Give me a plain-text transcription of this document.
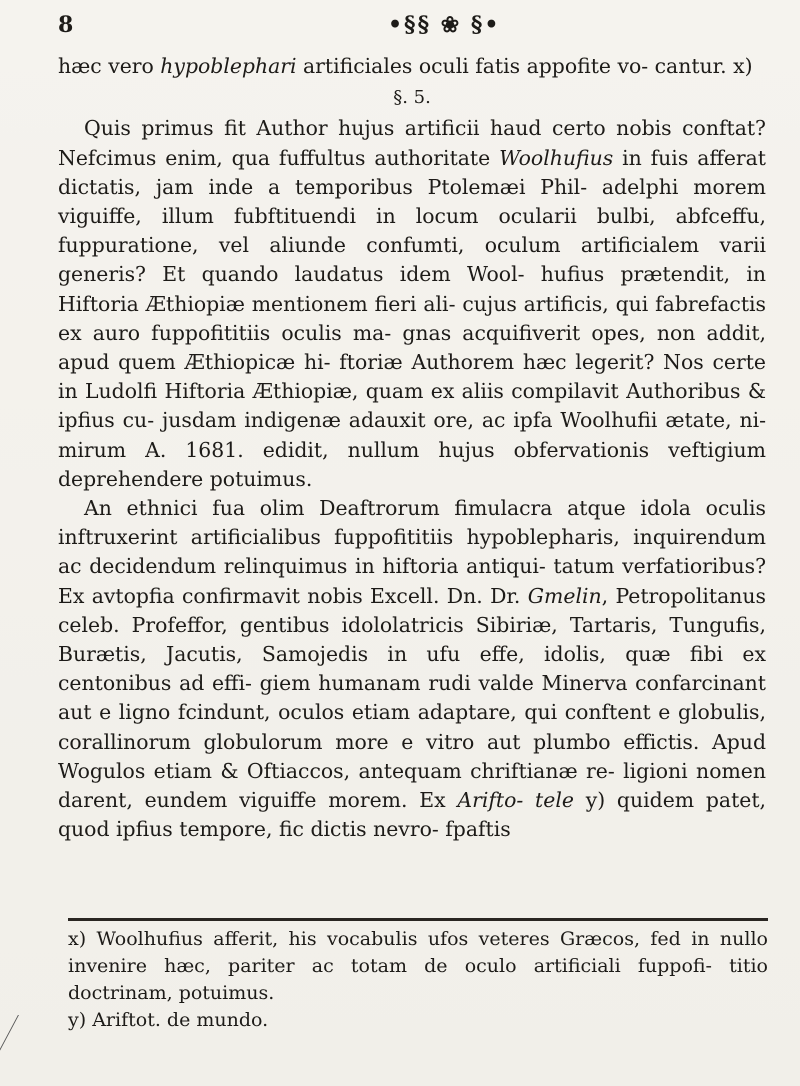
8	•§§ ❀ §•

hæc vero hypoblephari artificiales oculi fatis appofite vo- cantur. x)

§. 5.

Quis primus fit Author hujus artificii haud certo nobis conftat? Nefcimus enim, qua fuffultus authoritate Woolhufius in fuis afferat dictatis, jam inde a temporibus Ptolemæi Phil- adelphi morem viguiffe, illum fubftituendi in locum ocularii bulbi, abfceffu, fuppuratione, vel aliunde confumti, oculum artificialem varii generis? Et quando laudatus idem Wool- hufius prætendit, in Hiftoria Æthiopiæ mentionem fieri ali- cujus artificis, qui fabrefactis ex auro fuppofititiis oculis ma- gnas acquifiverit opes, non addit, apud quem Æthiopicæ hi- ftoriæ Authorem hæc legerit? Nos certe in Ludolfi Hiftoria Æthiopiæ, quam ex aliis compilavit Authoribus & ipfius cu- jusdam indigenæ adauxit ore, ac ipfa Woolhufii ætate, ni- mirum A. 1681. edidit, nullum hujus obfervationis veftigium deprehendere potuimus.

An ethnici fua olim Deaftrorum fimulacra atque idola oculis inftruxerint artificialibus fuppofititiis hypoblepharis, inquirendum ac decidendum relinquimus in hiftoria antiqui- tatum verfatioribus? Ex avtopfia confirmavit nobis Excell. Dn. Dr. Gmelin, Petropolitanus celeb. Profeffor, gentibus idololatricis Sibiriæ, Tartaris, Tungufis, Burætis, Jacutis, Samojedis in ufu effe, idolis, quæ fibi ex centonibus ad effi- giem humanam rudi valde Minerva confarcinant aut e ligno fcindunt, oculos etiam adaptare, qui conftent e globulis, corallinorum globulorum more e vitro aut plumbo effictis. Apud Wogulos etiam & Oftiaccos, antequam chriftianæ re- ligioni nomen darent, eundem viguiffe morem. Ex Arifto- tele y) quidem patet, quod ipfius tempore, fic dictis nevro- fpaftis

x) Woolhufius afferit, his vocabulis ufos veteres Græcos, fed in nullo invenire hæc, pariter ac totam de oculo artificiali fuppofi- titio doctrinam, potuimus.

y) Ariftot. de mundo.
